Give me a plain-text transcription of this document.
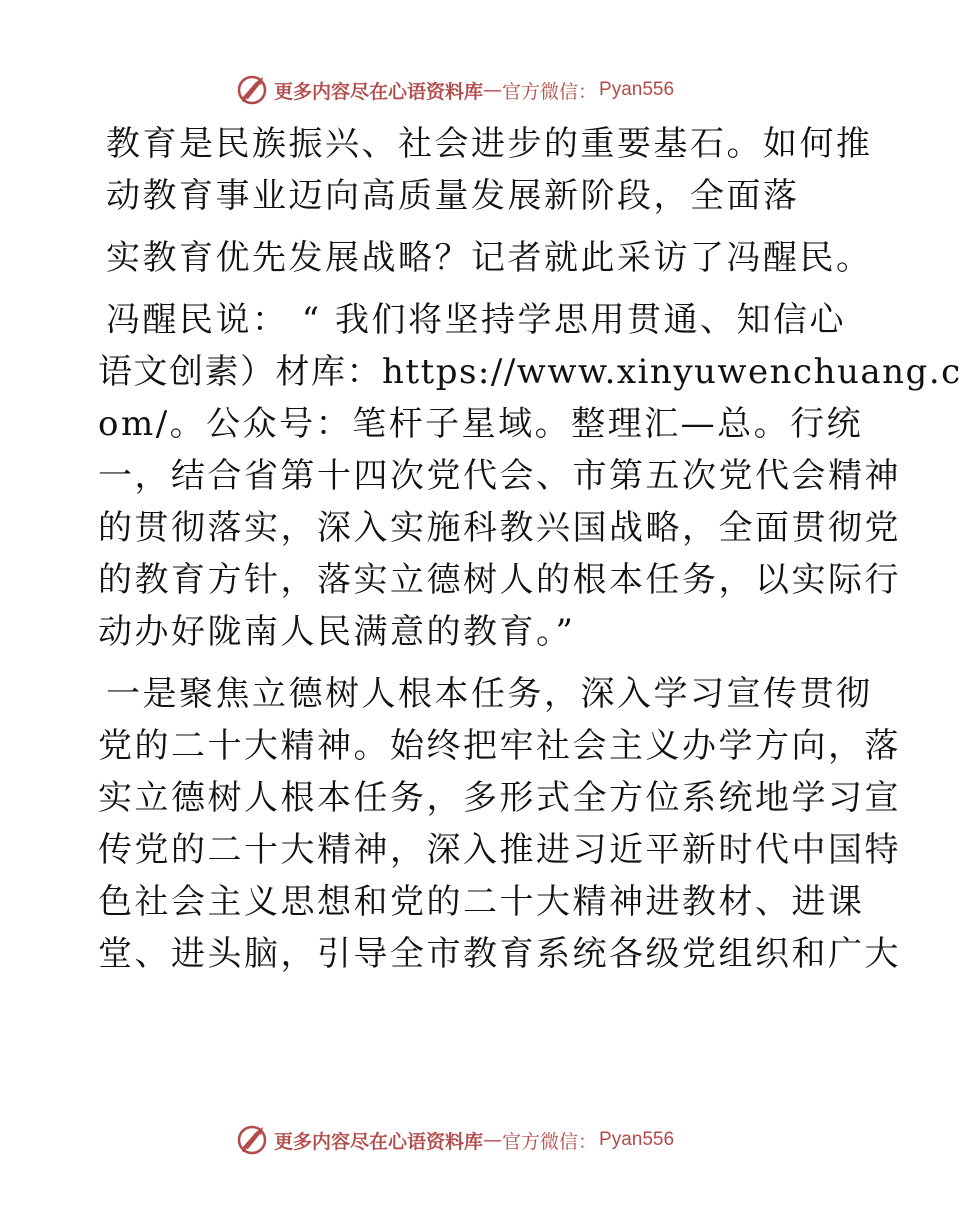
更多内容尽在心语资料库 — 官方微信： Pyan556

教育是民族振兴、社会进步的重要基石。如何推
动教育事业迈向高质量发展新阶段，全面落

实教育优先发展战略？记者就此采访了冯醒民。

冯醒民说： “ 我们将坚持学思用贯通、知信心
语文创素）材库：https://www.xinyuwenchuang.c
om/。公众号：笔杆子星域。整理汇—总。行统
一，结合省第十四次党代会、市第五次党代会精神
的贯彻落实，深入实施科教兴国战略，全面贯彻党
的教育方针，落实立德树人的根本任务，以实际行
动办好陇南人民满意的教育。”

一是聚焦立德树人根本任务，深入学习宣传贯彻
党的二十大精神。始终把牢社会主义办学方向，落
实立德树人根本任务，多形式全方位系统地学习宣
传党的二十大精神，深入推进习近平新时代中国特
色社会主义思想和党的二十大精神进教材、进课
堂、进头脑，引导全市教育系统各级党组织和广大

更多内容尽在心语资料库 — 官方微信： Pyan556
